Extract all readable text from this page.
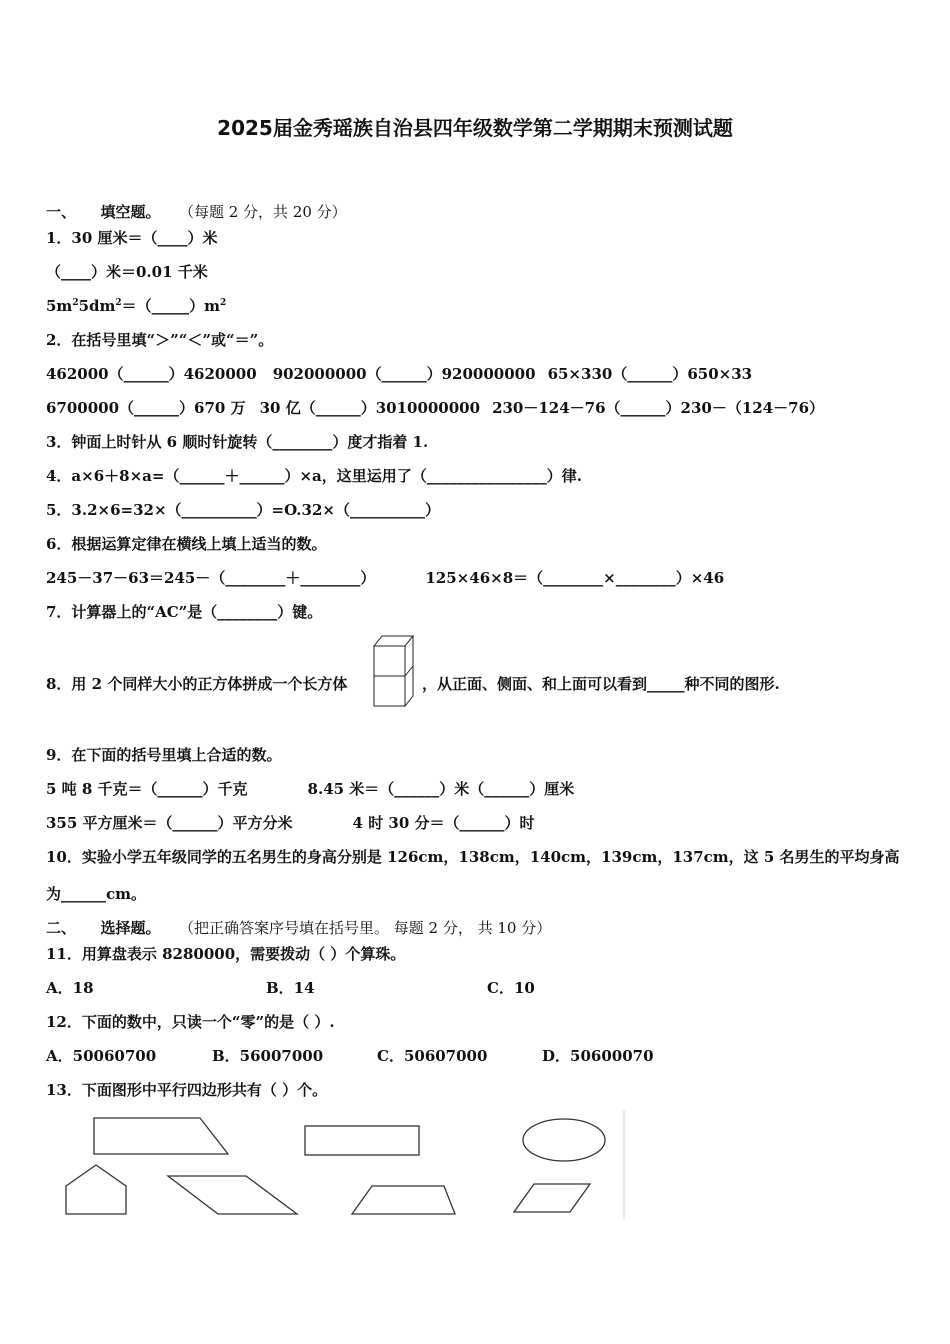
2025届金秀瑶族自治县四年级数学第二学期期末预测试题
一、 填空题。 （每题 2 分，共 20 分）
1．30 厘米＝（____）米
（____）米＝0.01 千米
$5m^25dm^2=(\_\_\_\_\_)m^2$
2．在括号里填“＞”“＜”或“＝”。
462000（______）4620000 902000000（______）920000000 65×330（______）650×33
6700000（______）670 万 30 亿（______）3010000000 230－124－76（______）230－（124－76）
3．钟面上时针从 6 顺时针旋转（________）度才指着 1.
4．a×6＋8×a=（______＋______）×a，这里运用了（________________）律.
5．3.2×6=32×（__________）=O.32×（__________）
6．根据运算定律在横线上填上适当的数。
245－37－63＝245－（________＋________）	125×46×8＝（________×________）×46
7．计算器上的“AC”是（________）键。
8．用 2 个同样大小的正方体拼成一个长方体	，从正面、侧面、和上面可以看到_____种不同的图形.
9．在下面的括号里填上合适的数。
5 吨 8 千克＝（______）千克	8.45 米＝（______）米（______）厘米
355 平方厘米＝（______）平方分米	4 时 30 分＝（______）时
10．实验小学五年级同学的五名男生的身高分别是 126cm，138cm，140cm，139cm，137cm，这 5 名男生的平均身高
为______cm。
二、 选择题。 （把正确答案序号填在括号里。 每题 2 分， 共 10 分）
11．用算盘表示 8280000，需要拨动（ ）个算珠。
A．18	B．14	C．10
12．下面的数中，只读一个“零”的是（ ）.
A．50060700	B．56007000	C．50607000	D．50600070
13．下面图形中平行四边形共有（ ）个。
